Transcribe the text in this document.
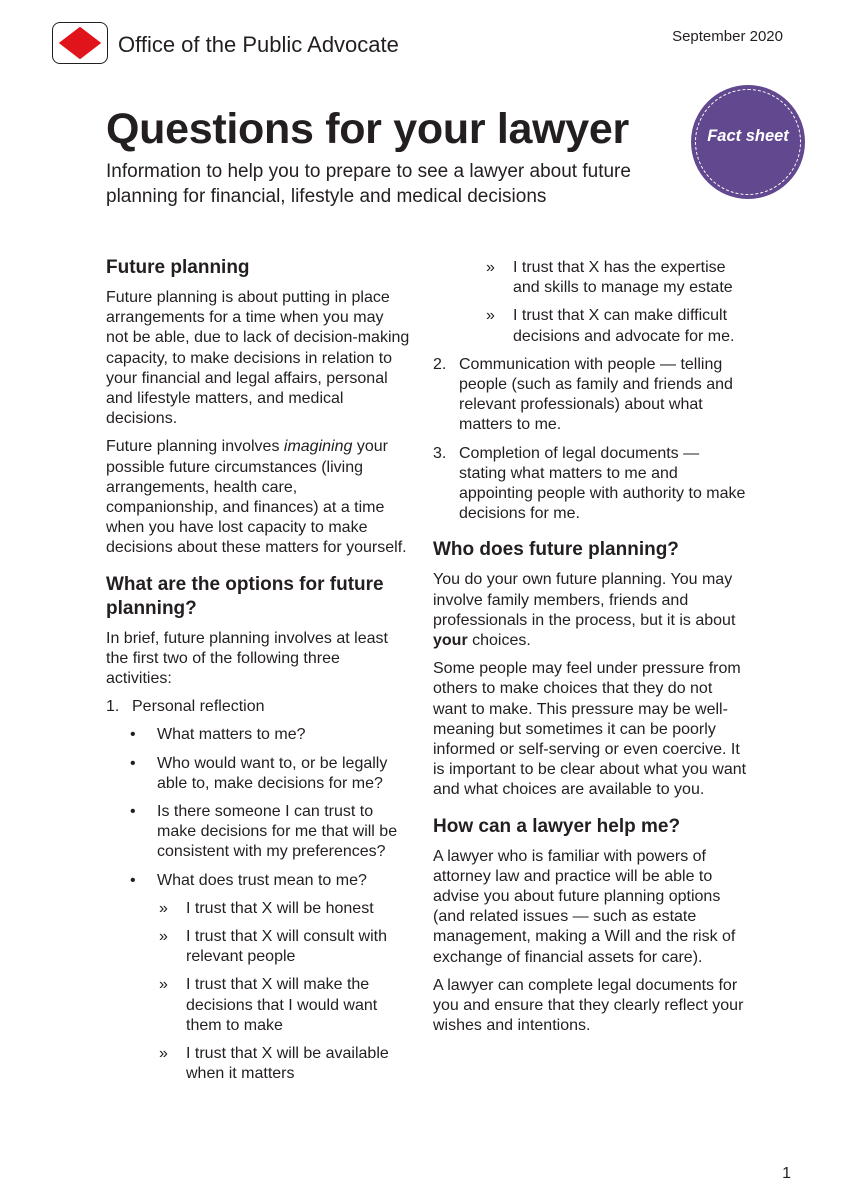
Office of the Public Advocate	September 2020
Questions for your lawyer
Information to help you to prepare to see a lawyer about future planning for financial, lifestyle and medical decisions
Fact sheet
Future planning

Future planning is about putting in place arrangements for a time when you may not be able, due to lack of decision-making capacity, to make decisions in relation to your financial and legal affairs, personal and lifestyle matters, and medical decisions.

Future planning involves imagining your possible future circumstances (living arrangements, health care, companionship, and finances) at a time when you have lost capacity to make decisions about these matters for yourself.

What are the options for future planning?

In brief, future planning involves at least the first two of the following three activities:

1. Personal reflection
• What matters to me?
• Who would want to, or be legally able to, make decisions for me?
• Is there someone I can trust to make decisions for me that will be consistent with my preferences?
• What does trust mean to me?
» I trust that X will be honest
» I trust that X will consult with relevant people
» I trust that X will make the decisions that I would want them to make
» I trust that X will be available when it matters
» I trust that X has the expertise and skills to manage my estate
» I trust that X can make difficult decisions and advocate for me.
2. Communication with people — telling people (such as family and friends and relevant professionals) about what matters to me.
3. Completion of legal documents — stating what matters to me and appointing people with authority to make decisions for me.
Who does future planning?

You do your own future planning. You may involve family members, friends and professionals in the process, but it is about your choices.

Some people may feel under pressure from others to make choices that they do not want to make. This pressure may be well-meaning but sometimes it can be poorly informed or self-serving or even coercive. It is important to be clear about what you want and what choices are available to you.

How can a lawyer help me?

A lawyer who is familiar with powers of attorney law and practice will be able to advise you about future planning options (and related issues — such as estate management, making a Will and the risk of exchange of financial assets for care).

A lawyer can complete legal documents for you and ensure that they clearly reflect your wishes and intentions.

1
